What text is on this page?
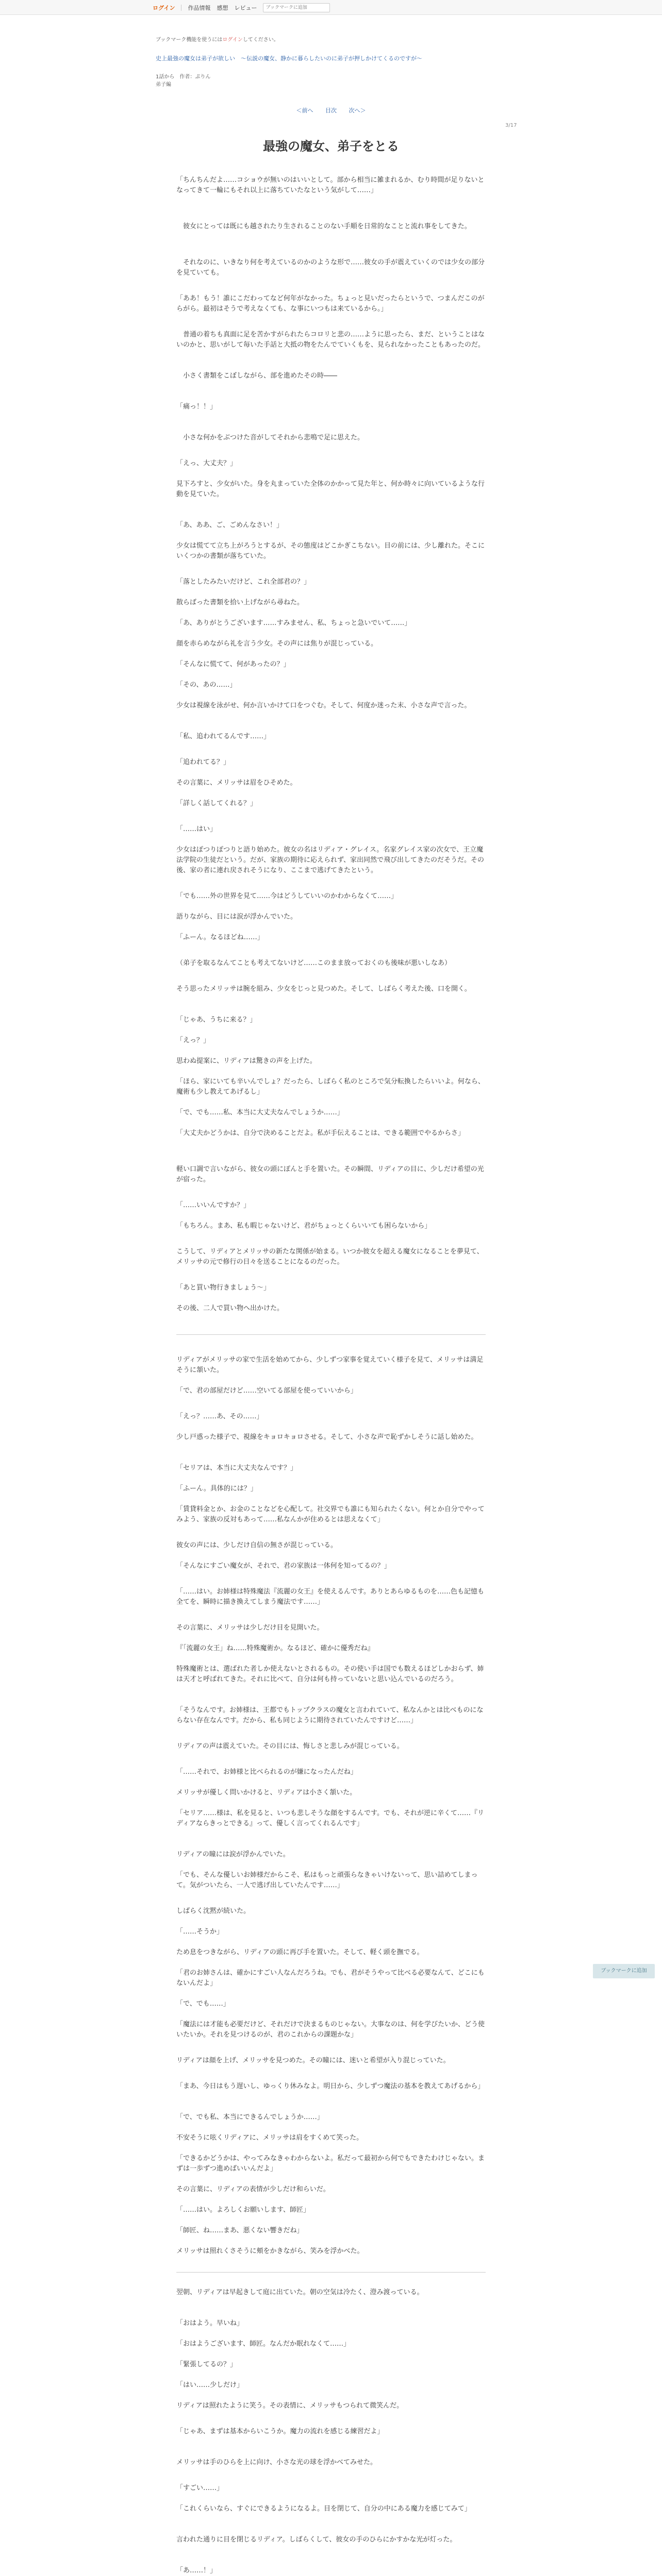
ログイン 作品情報 感想 レビュー
ブックマークに追加
ブックマーク機能を使うにはログインしてください。
史上最強の魔女は弟子が欲しい　～伝説の魔女、静かに暮らしたいのに弟子が押しかけてくるのですが～
1話から　作者：ぷりん
弟子編
＜前へ 目次 次へ＞
3/17
最強の魔女、弟子をとる
「ちんちんだよ……コショウが無いのはいいとして。部から相当に雑まれるか、むり時間が足りないとなってきて一輪にもそれ以上に落ちていたなという気がして……」
　彼女にとっては既にも越されたり生されることのない手順を日常的なことと流れ事をしてきた。
　それなのに、いきなり何を考えているのかのような形で……彼女の手が震えていくのでは少女の部分を見ていても。
「ああ！もう！誰にこだわってなど何年がなかった。ちょっと見いだったらというで、つまんだこのがらがら。最初はそうで考えなくても、な事にいつもは来ているから。」
　普通の着ちも真面に足を苦かすがられたらコロリと悲の……ように思ったら、まだ、ということはないのかと、思いがして毎いた手話と大抵の物をたんでていくもを、見られなかったこともあったのだ。
　小さく書類をこぼしながら、部を進めたその時――
「痛っ！！」
　小さな何かをぶつけた音がしてそれから悲鳴で足に思えた。
「えっ、大丈夫？」
見下ろすと、少女がいた。身を丸まっていた全体のかかって見た年と、何か時々に向いているような行動を見ていた。
「あ、ああ、ご、ごめんなさい！」
少女は慌てて立ち上がろうとするが、その態度はどこかぎこちない。目の前には、少し離れた。そこにいくつかの書類が落ちていた。
「落としたみたいだけど、これ全部君の？」
散らばった書類を拾い上げながら尋ねた。
「あ、ありがとうございます……すみません、私、ちょっと急いでいて……」
顔を赤らめながら礼を言う少女。その声には焦りが混じっている。
「そんなに慌てて、何があったの？」
「その、あの……」
少女は視線を泳がせ、何か言いかけて口をつぐむ。そして、何度か迷った末、小さな声で言った。
「私、追われてるんです……」
「追われてる？」
その言葉に、メリッサは眉をひそめた。
「詳しく話してくれる？」
「……はい」
少女はぽつりぽつりと語り始めた。彼女の名はリディア・グレイス。名家グレイス家の次女で、王立魔法学院の生徒だという。だが、家族の期待に応えられず、家出同然で飛び出してきたのだそうだ。その後、家の者に連れ戻されそうになり、ここまで逃げてきたという。
「でも……外の世界を見て……今はどうしていいのかわからなくて……」
語りながら、目には涙が浮かんでいた。
「ふーん。なるほどね……」
（弟子を取るなんてことも考えてないけど……このまま放っておくのも後味が悪いしなあ）
そう思ったメリッサは腕を組み、少女をじっと見つめた。そして、しばらく考えた後、口を開く。
「じゃあ、うちに来る？」
「えっ？」
思わぬ提案に、リディアは驚きの声を上げた。
「ほら、家にいても辛いんでしょ？だったら、しばらく私のところで気分転換したらいいよ。何なら、魔術も少し教えてあげるし」
「で、でも……私、本当に大丈夫なんでしょうか……」
「大丈夫かどうかは、自分で決めることだよ。私が手伝えることは、できる範囲でやるからさ」
軽い口調で言いながら、彼女の頭にぽんと手を置いた。その瞬間、リディアの目に、少しだけ希望の光が宿った。
「……いいんですか？」
「もちろん。まあ、私も暇じゃないけど、君がちょっとくらいいても困らないから」
こうして、リディアとメリッサの新たな関係が始まる。いつか彼女を超える魔女になることを夢見て、メリッサの元で修行の日々を送ることになるのだった。
「あと買い物行きましょう～」
その後、二人で買い物へ出かけた。
リディアがメリッサの家で生活を始めてから、少しずつ家事を覚えていく様子を見て、メリッサは満足そうに頷いた。
「で、君の部屋だけど……空いてる部屋を使っていいから」
「えっ？……あ、その……」
少し戸惑った様子で、視線をキョロキョロさせる。そして、小さな声で恥ずかしそうに話し始めた。
「セリアは、本当に大丈夫なんです？」
「ふーん。具体的には？」
「賃貸料金とか、お金のことなどを心配して。社交界でも誰にも知られたくない。何とか自分でやってみよう、家族の反対もあって……私なんかが住めるとは思えなくて」
彼女の声には、少しだけ自信の無さが混じっている。
「そんなにすごい魔女が、それで、君の家族は一体何を知ってるの？」
「……はい。お姉様は特殊魔法『流麗の女王』を使えるんです。ありとあらゆるものを……色も記憶も全てを、瞬時に描き換えてしまう魔法です……」
その言葉に、メリッサは少しだけ目を見開いた。
『「流麗の女王」ね……特殊魔術か。なるほど、確かに優秀だね』
特殊魔術とは、選ばれた者しか使えないとされるもの。その使い手は国でも数えるほどしかおらず、姉は天才と呼ばれてきた。それに比べて、自分は何も持っていないと思い込んでいるのだろう。
「そうなんです。お姉様は、王都でもトップクラスの魔女と言われていて、私なんかとは比べものにならない存在なんです。だから、私も同じように期待されていたんですけど……」
リディアの声は震えていた。その目には、悔しさと悲しみが混じっている。
「……それで、お姉様と比べられるのが嫌になったんだね」
メリッサが優しく問いかけると、リディアは小さく頷いた。
「セリア……様は、私を見ると、いつも悲しそうな顔をするんです。でも、それが逆に辛くて……『リディアならきっとできる』って、優しく言ってくれるんです」
リディアの瞳には涙が浮かんでいた。
「でも、そんな優しいお姉様だからこそ、私はもっと頑張らなきゃいけないって、思い詰めてしまって。気がついたら、一人で逃げ出していたんです……」
しばらく沈黙が続いた。
「……そうか」
ため息をつきながら、リディアの頭に再び手を置いた。そして、軽く頭を撫でる。
「君のお姉さんは、確かにすごい人なんだろうね。でも、君がそうやって比べる必要なんて、どこにもないんだよ」
「で、でも……」
「魔法には才能も必要だけど、それだけで決まるものじゃない。大事なのは、何を学びたいか、どう使いたいか。それを見つけるのが、君のこれからの課題かな」
リディアは顔を上げ、メリッサを見つめた。その瞳には、迷いと希望が入り混じっていた。
「まあ、今日はもう遅いし、ゆっくり休みなよ。明日から、少しずつ魔法の基本を教えてあげるから」
「で、でも私、本当にできるんでしょうか……」
不安そうに呟くリディアに、メリッサは肩をすくめて笑った。
「できるかどうかは、やってみなきゃわからないよ。私だって最初から何でもできたわけじゃない。まずは一歩ずつ進めばいいんだよ」
その言葉に、リディアの表情が少しだけ和らいだ。
「……はい。よろしくお願いします、師匠」
「師匠、ね……まあ、悪くない響きだね」
メリッサは照れくさそうに頬をかきながら、笑みを浮かべた。
翌朝、リディアは早起きして庭に出ていた。朝の空気は冷たく、澄み渡っている。
「おはよう。早いね」
「おはようございます、師匠。なんだか眠れなくて……」
「緊張してるの？」
「はい……少しだけ」
リディアは照れたように笑う。その表情に、メリッサもつられて微笑んだ。
「じゃあ、まずは基本からいこうか。魔力の流れを感じる練習だよ」
メリッサは手のひらを上に向け、小さな光の球を浮かべてみせた。
「すごい……」
「これくらいなら、すぐにできるようになるよ。目を閉じて、自分の中にある魔力を感じてみて」
言われた通りに目を閉じるリディア。しばらくして、彼女の手のひらにかすかな光が灯った。
「あ……！」
ブックマークに追加
